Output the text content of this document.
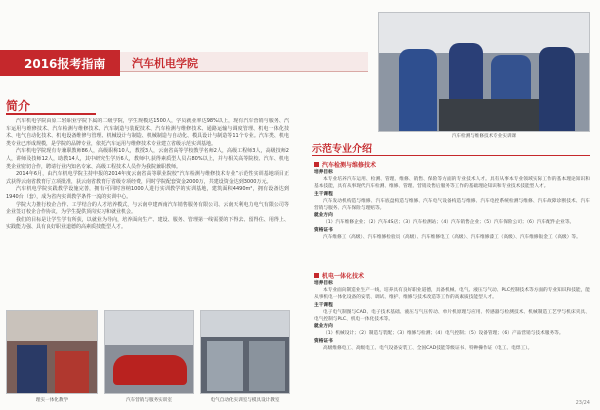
2016报考指南	汽车机电学院
汽车检测与维修技术专业实训课
简介

汽车机电学院由原二轻职业学院下属的二级学院，学生规模达1500人，学员就业率达98%以上，现有汽车营销与服务、汽车运用与维修技术、汽车检测与维修技术、汽车制造与装配技术、汽车检测与维修技术、通路运输与调度管理、机电一体化技术、电气自动化技术、机电设备维修与管理、机械设计与制造、机械制造与自动化、模具设计与制造等11个专业。汽车类、机电类专业已形成规模，是学院的品牌专业，依托汽车运用与维修技术专业建立省级示范实训基地。

汽车机电学院现有专兼职教师86人，高级职称10人，教授3人，云南省高等学校教学名师2人，高级工程师3人，高级技师2人，讲师及技师12人，助教14人，其中研究生学历6人，教师中,获得素质型人员占80%以上，并与相关高等院校、汽车、机电类企业密切合作，聘请行业内知名专家、高级工程技术人员作为我院兼职教师。

2014年6月，由汽车机电学院主持申报的2014年度云南省高等职业院校“汽车检测与维修技术专业”示范性实训基地项目正式获得云南省教育厅立项批准，获云南省教育厅省级专项经费，同时学院配套资金2000万，共建设资金达到3000万元。

汽车机电学院实践教学设施完善，拥有可同时容纳1000人进行实训教学的实训基地，建筑面积4490m²，拥有设备达到1940台（套），成为省内实训教学条件一流的实训中心。

学院大力推行校企合作、工学结合的人才培养模式，与云南中建西南汽车销售服务有限公司、云南天利电力电气有限公司等企业签订校企合作协议，为学生提供顶岗实习和就业机会。

我们的目标是让学生学有所获，以就业为导向，培养面向生产、建设、服务、管理第一线需要的下得去、留得住、用得上、实践能力强、具有良好职业道德的高素质技能型人才。

理实一体化教学	汽车营销与服务实训室	电气自动化实训室与模具设计教室
示范专业介绍
汽车检测与维修技术
培养目标
本专业培养汽车运用、检测、管理、维修、销售、保险等方面的专业技术人才。具有从事本专业领域实际工作的基本理论知识和基本技能，具有从事现代汽车检测、维修、管理、营销及售后服务等工作的基础理论知识和专业技术技能型人才。
主干课程
汽车发动机构造与维修、汽车底盘构造与维修、汽车电气设备构造与维修、汽车电控系统检测与维修、汽车故障诊断技术、汽车营销与服务、汽车保险与理赔等。
就业方向
（1）汽车维修企业；（2）汽车4S店；（3）汽车检测站；（4）汽车销售企业；（5）汽车保险公司；（6）汽车配件企业等。
资格证书
汽车维修工（高级）、汽车维修检验员（高级）、汽车维修电工（高级）、汽车维修漆工（高级）、汽车维修钣金工（高级）等。
机电一体化技术
培养目标
本专业面向制造业生产一线，培养具有良好职业道德，具备机械、电气、液压与气动、PLC控制技术等方面的专业知识和技能，能从事机电一体化设备的安装、调试、维护、维修与技术改造等工作的高素质技能型人才。
主干课程
电子电气制图与CAD、电子技术基础、液压与气压传动、单片机原理与应用、传感器与检测技术、机械制造工艺学与机床夹具、电气控制与PLC、机电一体化技术等。
就业方向
（1）机械设计；（2）制造与装配；（3）维修与检测；（4）电气控制；（5）设备管理；（6）产品营销与技术服务等。
资格证书
高级维修电工、高级电工、电气设备安装工、全国CAD技能等级证书、特种操作证（电工、电焊工）。
23/24
